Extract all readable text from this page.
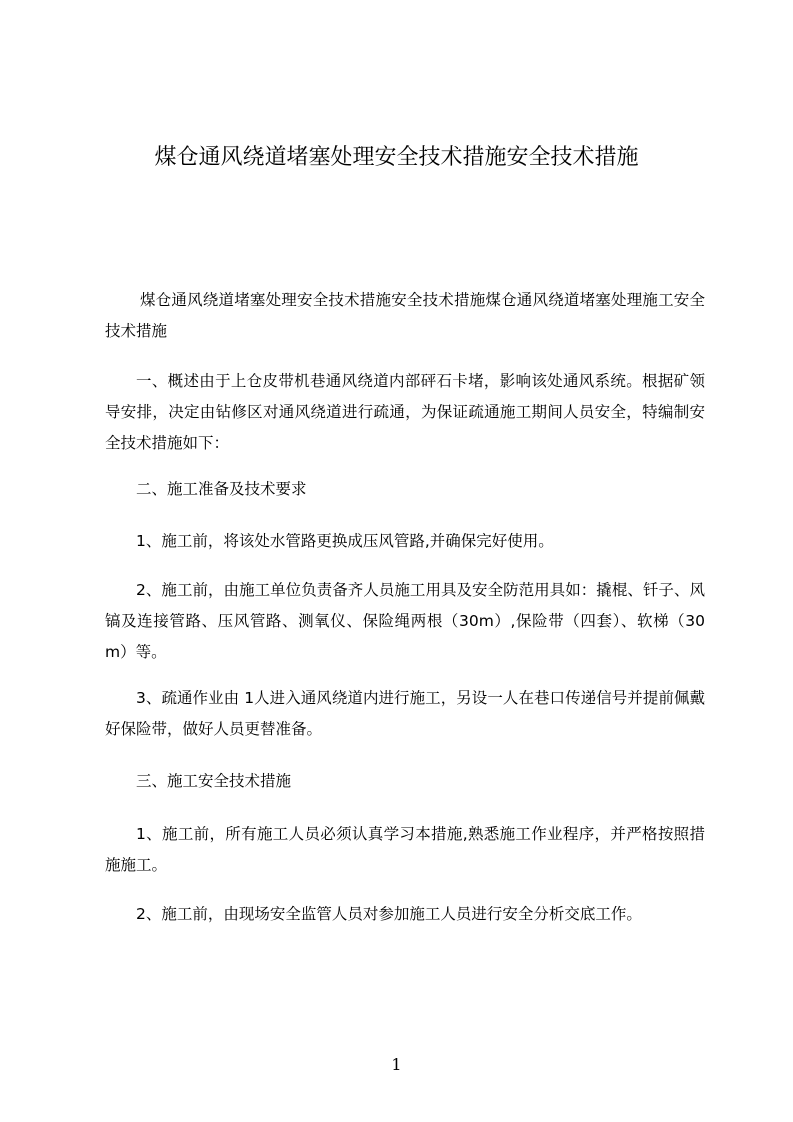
煤仓通风绕道堵塞处理安全技术措施安全技术措施
煤仓通风绕道堵塞处理安全技术措施安全技术措施煤仓通风绕道堵塞处理施工安全技术措施
一、概述由于上仓皮带机巷通风绕道内部砰石卡堵，影响该处通风系统。根据矿领导安排，决定由钻修区对通风绕道进行疏通，为保证疏通施工期间人员安全，特编制安全技术措施如下：
二、施工准备及技术要求
1、施工前，将该处水管路更换成压风管路,并确保完好使用。
2、施工前，由施工单位负责备齐人员施工用具及安全防范用具如：撬棍、钎子、风镐及连接管路、压风管路、测氧仪、保险绳两根（30m）,保险带（四套）、软梯（30m）等。
3、疏通作业由 1人进入通风绕道内进行施工，另设一人在巷口传递信号并提前佩戴好保险带，做好人员更替准备。
三、施工安全技术措施
1、施工前，所有施工人员必须认真学习本措施,熟悉施工作业程序，并严格按照措施施工。
2、施工前，由现场安全监管人员对参加施工人员进行安全分析交底工作。
1
